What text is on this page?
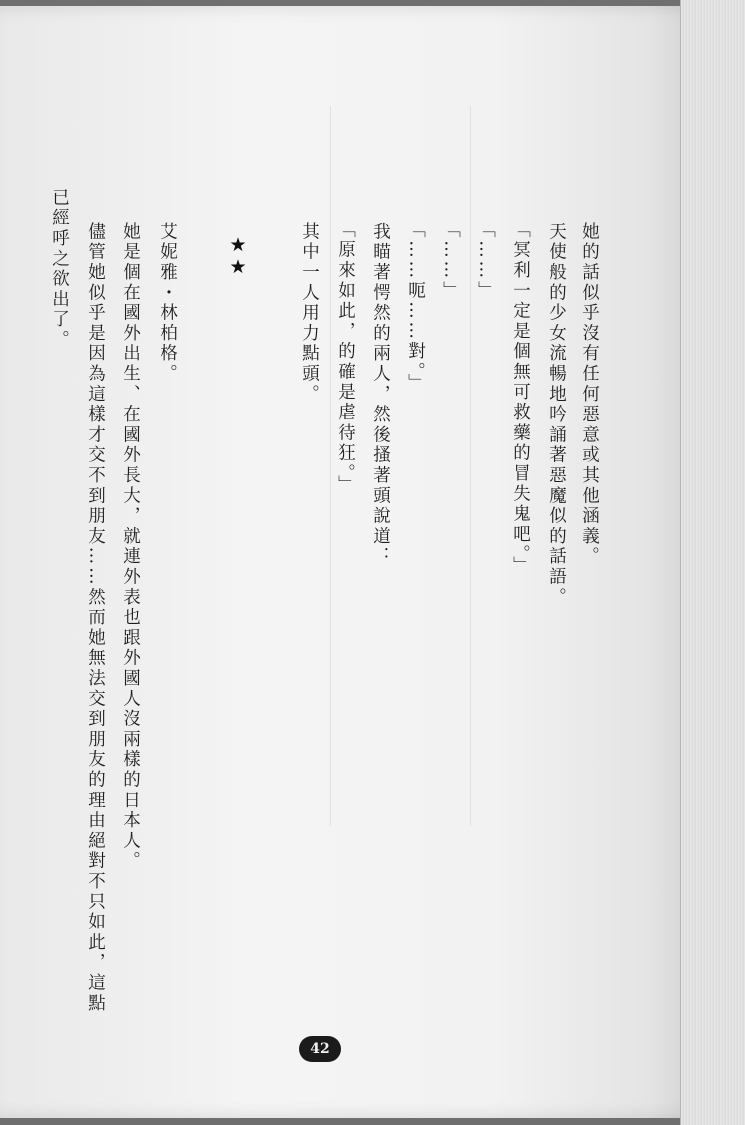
她的話似乎沒有任何惡意或其他涵義。
天使般的少女流暢地吟誦著惡魔似的話語。
「冥利一定是個無可救藥的冒失鬼吧。」
「……」
「……」
「……呃……對。」
我瞄著愕然的兩人，然後搔著頭說道：
「原來如此，的確是虐待狂。」
其中一人用力點頭。
★★
艾妮雅・林柏格。
她是個在國外出生、在國外長大，就連外表也跟外國人沒兩樣的日本人。
儘管她似乎是因為這樣才交不到朋友……然而她無法交到朋友的理由絕對不只如此，這點
已經呼之欲出了。
42
